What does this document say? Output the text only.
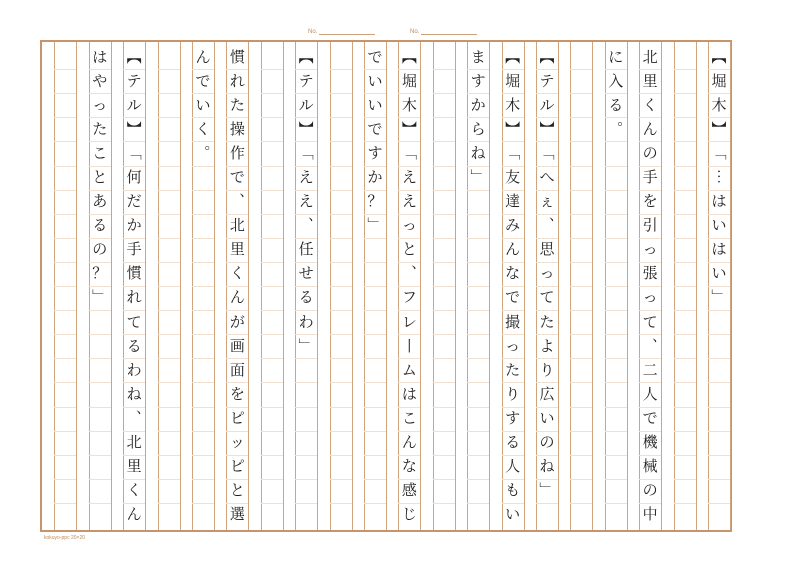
No.	No.
︻
堀
木
︼
﹁
︙
は
い
は
い
﹂
北
里
く
ん
の
手
を
引
っ
張
っ
て
︑
二
人
で
機
械
の
中
に
入
る
︒
︻
テ
ル
︼
﹁
へ
ぇ
︑
思
っ
て
た
よ
り
広
い
の
ね
﹂
︻
堀
木
︼
﹁
友
達
み
ん
な
で
撮
っ
た
り
す
る
人
も
い
ま
す
か
ら
ね
﹂
︻
堀
木
︼
﹁
え
え
っ
と
︑
フ
レ
丨
ム
は
こ
ん
な
感
じ
で
い
い
で
す
か
？
﹂
︻
テ
ル
︼
﹁
え
え
︑
任
せ
る
わ
﹂
慣
れ
た
操
作
で
︑
北
里
く
ん
が
画
面
を
ピ
ッ
ピ
と
選
ん
で
い
く
︒
︻
テ
ル
︼
﹁
何
だ
か
手
慣
れ
て
る
わ
ね
︑
北
里
く
ん
は
や
っ
た
こ
と
あ
る
の
？
﹂
kokuyo-ppc 20×20
